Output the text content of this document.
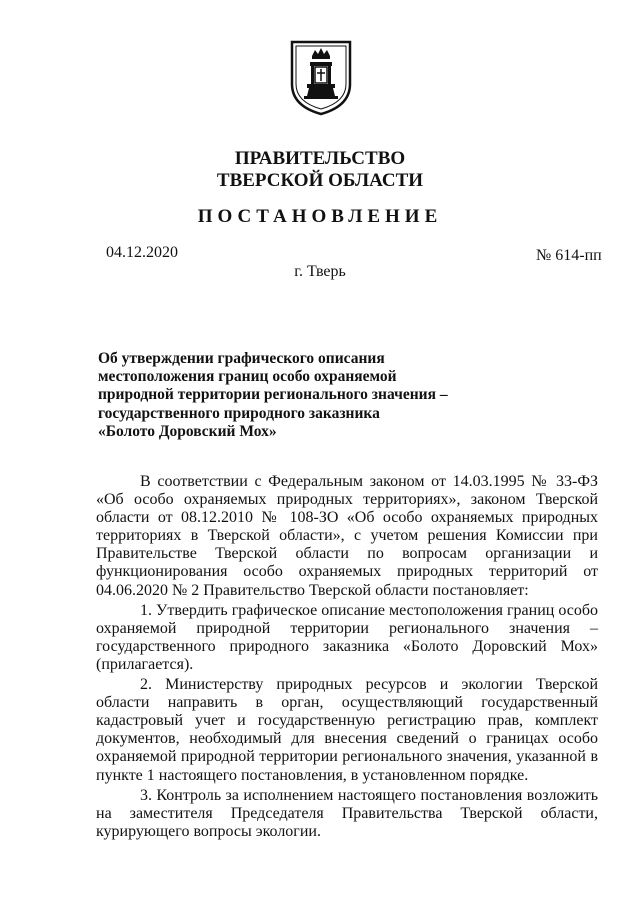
ПРАВИТЕЛЬСТВО
ТВЕРСКОЙ ОБЛАСТИ
ПОСТАНОВЛЕНИЕ
04.12.2020	№ 614-пп
г. Тверь
Об утверждении графического описания
местоположения границ особо охраняемой
природной территории регионального значения –
государственного природного заказника
«Болото Доровский Мох»

В соответствии с Федеральным законом от 14.03.1995 № 33-ФЗ «Об особо охраняемых природных территориях», законом Тверской области от 08.12.2010 № 108-ЗО «Об особо охраняемых природных территориях в Тверской области», с учетом решения Комиссии при Правительстве Тверской области по вопросам организации и функционирования особо охраняемых природных территорий от 04.06.2020 № 2 Правительство Тверской области постановляет:

1. Утвердить графическое описание местоположения границ особо охраняемой природной территории регионального значения – государственного природного заказника «Болото Доровский Мох» (прилагается).

2. Министерству природных ресурсов и экологии Тверской области направить в орган, осуществляющий государственный кадастровый учет и государственную регистрацию прав, комплект документов, необходимый для внесения сведений о границах особо охраняемой природной территории регионального значения, указанной в пункте 1 настоящего постановления, в установленном порядке.

3. Контроль за исполнением настоящего постановления возложить на заместителя Председателя Правительства Тверской области, курирующего вопросы экологии.
